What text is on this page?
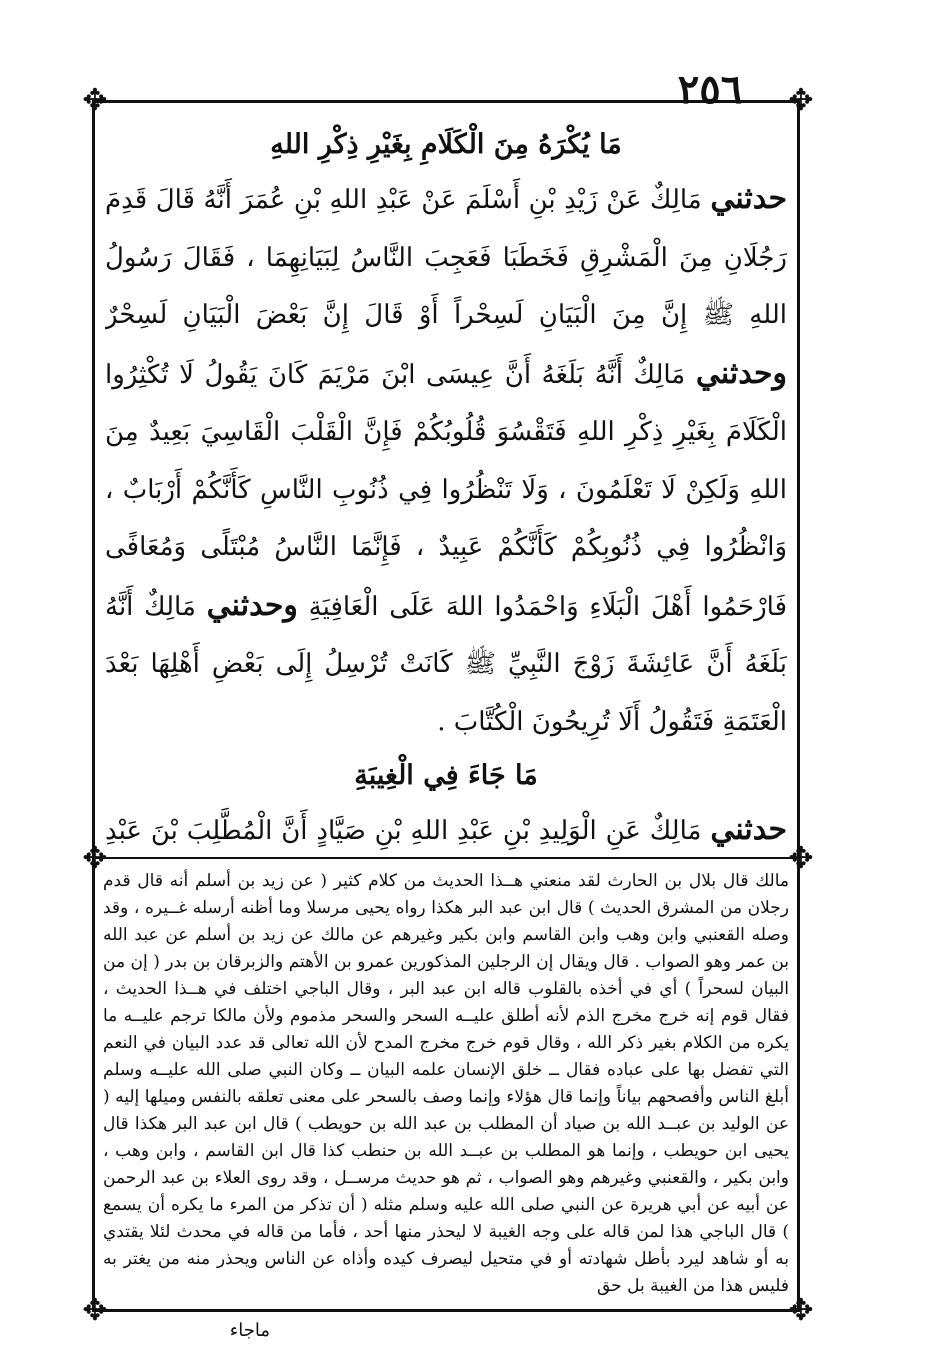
٢٥٦
✥	✥
✥	✥
✥	✥
مَا يُكْرَهُ مِنَ الْكَلَامِ بِغَيْرِ ذِكْرِ اللهِ

حدثني مَالِكٌ عَنْ زَيْدِ بْنِ أَسْلَمَ عَنْ عَبْدِ اللهِ بْنِ عُمَرَ أَنَّهُ قَالَ قَدِمَ رَجُلَانِ مِنَ الْمَشْرِقِ فَخَطَبَا فَعَجِبَ النَّاسُ لِبَيَانِهِمَا ، فَقَالَ رَسُولُ اللهِ ﷺ إِنَّ مِنَ الْبَيَانِ لَسِحْراً أَوْ قَالَ إِنَّ بَعْضَ الْبَيَانِ لَسِحْرٌ وحدثني مَالِكٌ أَنَّهُ بَلَغَهُ أَنَّ عِيسَى ابْنَ مَرْيَمَ كَانَ يَقُولُ لَا تُكْثِرُوا الْكَلَامَ بِغَيْرِ ذِكْرِ اللهِ فَتَقْسُوَ قُلُوبُكُمْ فَإِنَّ الْقَلْبَ الْقَاسِيَ بَعِيدٌ مِنَ اللهِ وَلَكِنْ لَا تَعْلَمُونَ ، وَلَا تَنْظُرُوا فِي ذُنُوبِ النَّاسِ كَأَنَّكُمْ أَرْبَابٌ ، وَانْظُرُوا فِي ذُنُوبِكُمْ كَأَنَّكُمْ عَبِيدٌ ، فَإِنَّمَا النَّاسُ مُبْتَلًى وَمُعَافًى فَارْحَمُوا أَهْلَ الْبَلَاءِ وَاحْمَدُوا اللهَ عَلَى الْعَافِيَةِ وحدثني مَالِكٌ أَنَّهُ بَلَغَهُ أَنَّ عَائِشَةَ زَوْجَ النَّبِيِّ ﷺ كَانَتْ تُرْسِلُ إِلَى بَعْضِ أَهْلِهَا بَعْدَ الْعَتَمَةِ فَتَقُولُ أَلَا تُرِيحُونَ الْكُتَّابَ .

مَا جَاءَ فِي الْغِيبَةِ

حدثني مَالِكٌ عَنِ الْوَلِيدِ بْنِ عَبْدِ اللهِ بْنِ صَيَّادٍ أَنَّ الْمُطَّلِبَ بْنَ عَبْدِ

مالك قال بلال بن الحارث لقد منعني هــذا الحديث من كلام كثير ( عن زيد بن أسلم أنه قال قدم رجلان من المشرق الحديث ) قال ابن عبد البر هكذا رواه يحيى مرسلا وما أظنه أرسله غــيره ، وقد وصله القعنبي وابن وهب وابن القاسم وابن بكير وغيرهم عن مالك عن زيد بن أسلم عن عبد الله بن عمر وهو الصواب . قال ويقال إن الرجلين المذكورين عمرو بن الأهتم والزبرقان بن بدر ( إن من البيان لسحراً ) أي في أخذه بالقلوب قاله ابن عبد البر ، وقال الباجي اختلف في هــذا الحديث ، فقال قوم إنه خرج مخرج الذم لأنه أطلق عليــه السحر والسحر مذموم ولأن مالكا ترجم عليــه ما يكره من الكلام بغير ذكر الله ، وقال قوم خرج مخرج المدح لأن الله تعالى قد عدد البيان في النعم التي تفضل بها على عباده فقال ــ خلق الإنسان علمه البيان ــ وكان النبي صلى الله عليــه وسلم أبلغ الناس وأفصحهم بياناً وإنما قال هؤلاء وإنما وصف بالسحر على معنى تعلقه بالنفس وميلها إليه ( عن الوليد بن عبــد الله بن صياد أن المطلب بن عبد الله بن حويطب ) قال ابن عبد البر هكذا قال يحيى ابن حويطب ، وإنما هو المطلب بن عبــد الله بن حنطب كذا قال ابن القاسم ، وابن وهب ، وابن بكير ، والقعنبي وغيرهم وهو الصواب ، ثم هو حديث مرســل ، وقد روى العلاء بن عبد الرحمن عن أبيه عن أبي هريرة عن النبي صلى الله عليه وسلم مثله ( أن تذكر من المرء ما يكره أن يسمع ) قال الباجي هذا لمن قاله على وجه الغيبة لا ليحذر منها أحد ، فأما من قاله في محدث لئلا يقتدي به أو شاهد ليرد بأطل شهادته أو في متحيل ليصرف كيده وأذاه عن الناس ويحذر منه من يغتر به فليس هذا من الغيبة بل حق

ماجاء
